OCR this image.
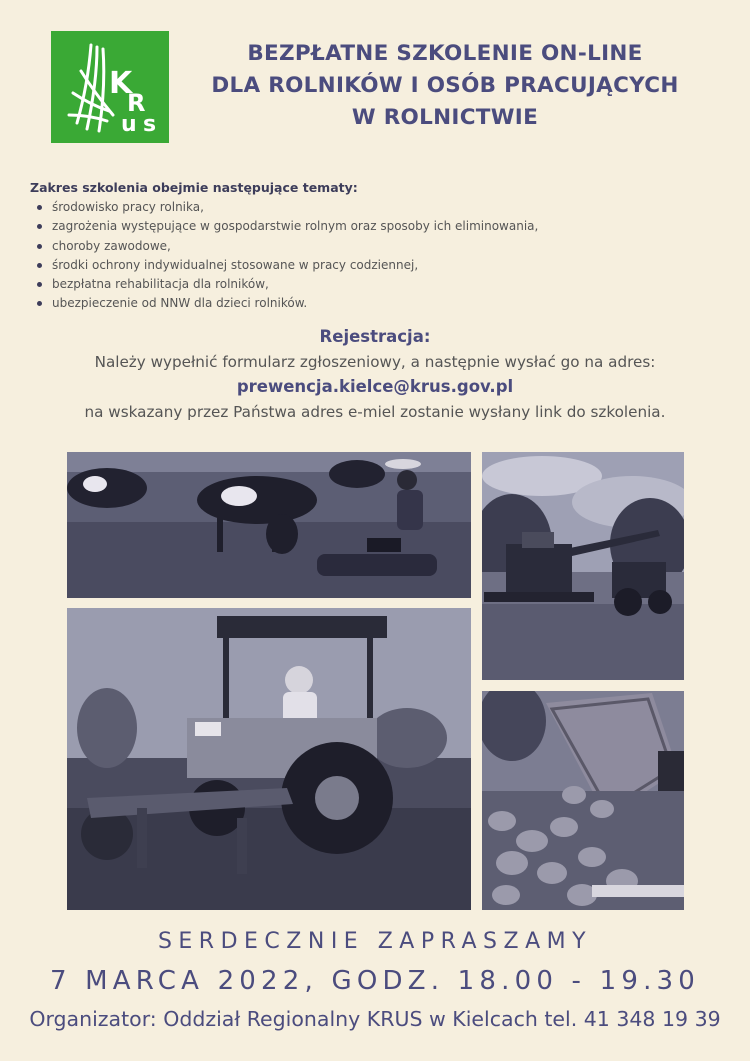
K
R
u s
BEZPŁATNE SZKOLENIE ON-LINE
DLA ROLNIKÓW I OSÓB PRACUJĄCYCH
W ROLNICTWIE
Zakres szkolenia obejmie następujące tematy:
środowisko pracy rolnika,
zagrożenia występujące w gospodarstwie rolnym oraz sposoby ich eliminowania,
choroby zawodowe,
środki ochrony indywidualnej stosowane w pracy codziennej,
bezpłatna rehabilitacja dla rolników,
ubezpieczenie od NNW dla dzieci rolników.
Rejestracja:
Należy wypełnić formularz zgłoszeniowy, a następnie wysłać go na adres:
prewencja.kielce@krus.gov.pl
na wskazany przez Państwa adres e-miel zostanie wysłany link do szkolenia.
SERDECZNIE ZAPRASZAMY
7 MARCA 2022, GODZ. 18.00 - 19.30
Organizator: Oddział Regionalny KRUS w Kielcach tel. 41 348 19 39
